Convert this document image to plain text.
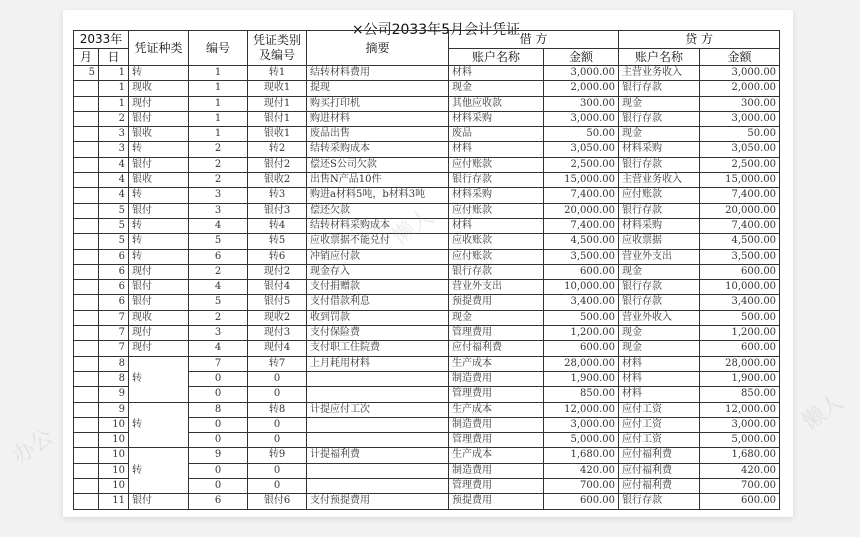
×公司2033年5月会计凭证
2033年		凭证种类	编号	凭证类别
及编号	摘要	借 方		贷 方	
月	日					账户名称	金额	账户名称	金额
5	1	转	1	转1	结转材料费用	材料	3,000.00	主营业务收入	3,000.00
	1	现收	1	现收1	提现	现金	2,000.00	银行存款	2,000.00
	1	现付	1	现付1	购买打印机	其他应收款	300.00	现金	300.00
	2	银付	1	银付1	购进材料	材料采购	3,000.00	银行存款	3,000.00
	3	银收	1	银收1	废品出售	废品	50.00	现金	50.00
	3	转	2	转2	结转采购成本	材料	3,050.00	材料采购	3,050.00
	4	银付	2	银付2	偿还S公司欠款	应付账款	2,500.00	银行存款	2,500.00
	4	银收	2	银收2	出售N产品10件	银行存款	15,000.00	主营业务收入	15,000.00
	4	转	3	转3	购进a材料5吨，b材料3吨	材料采购	7,400.00	应付账款	7,400.00
	5	银付	3	银付3	偿还欠款	应付账款	20,000.00	银行存款	20,000.00
	5	转	4	转4	结转材料采购成本	材料	7,400.00	材料采购	7,400.00
	5	转	5	转5	应收票据不能兑付	应收账款	4,500.00	应收票据	4,500.00
	6	转	6	转6	冲销应付款	应付账款	3,500.00	营业外支出	3,500.00
	6	现付	2	现付2	现金存入	银行存款	600.00	现金	600.00
	6	银付	4	银付4	支付捐赠款	营业外支出	10,000.00	银行存款	10,000.00
	6	银付	5	银付5	支付借款利息	预提费用	3,400.00	银行存款	3,400.00
	7	现收	2	现收2	收到罚款	现金	500.00	营业外收入	500.00
	7	现付	3	现付3	支付保险费	管理费用	1,200.00	现金	1,200.00
	7	现付	4	现付4	支付职工住院费	应付福利费	600.00	现金	600.00
	8	转	7	转7	上月耗用材料	生产成本	28,000.00	材料	28,000.00
	8		0	0		制造费用	1,900.00	材料	1,900.00
	9		0	0		管理费用	850.00	材料	850.00
	9	转	8	转8	计提应付工次	生产成本	12,000.00	应付工资	12,000.00
	10		0	0		制造费用	3,000.00	应付工资	3,000.00
	10		0	0		管理费用	5,000.00	应付工资	5,000.00
	10	转	9	转9	计提福利费	生产成本	1,680.00	应付福利费	1,680.00
	10		0	0		制造费用	420.00	应付福利费	420.00
	10		0	0		管理费用	700.00	应付福利费	700.00
	11	银付	6	银付6	支付预提费用	预提费用	600.00	银行存款	600.00
办公
懒人
懒人
